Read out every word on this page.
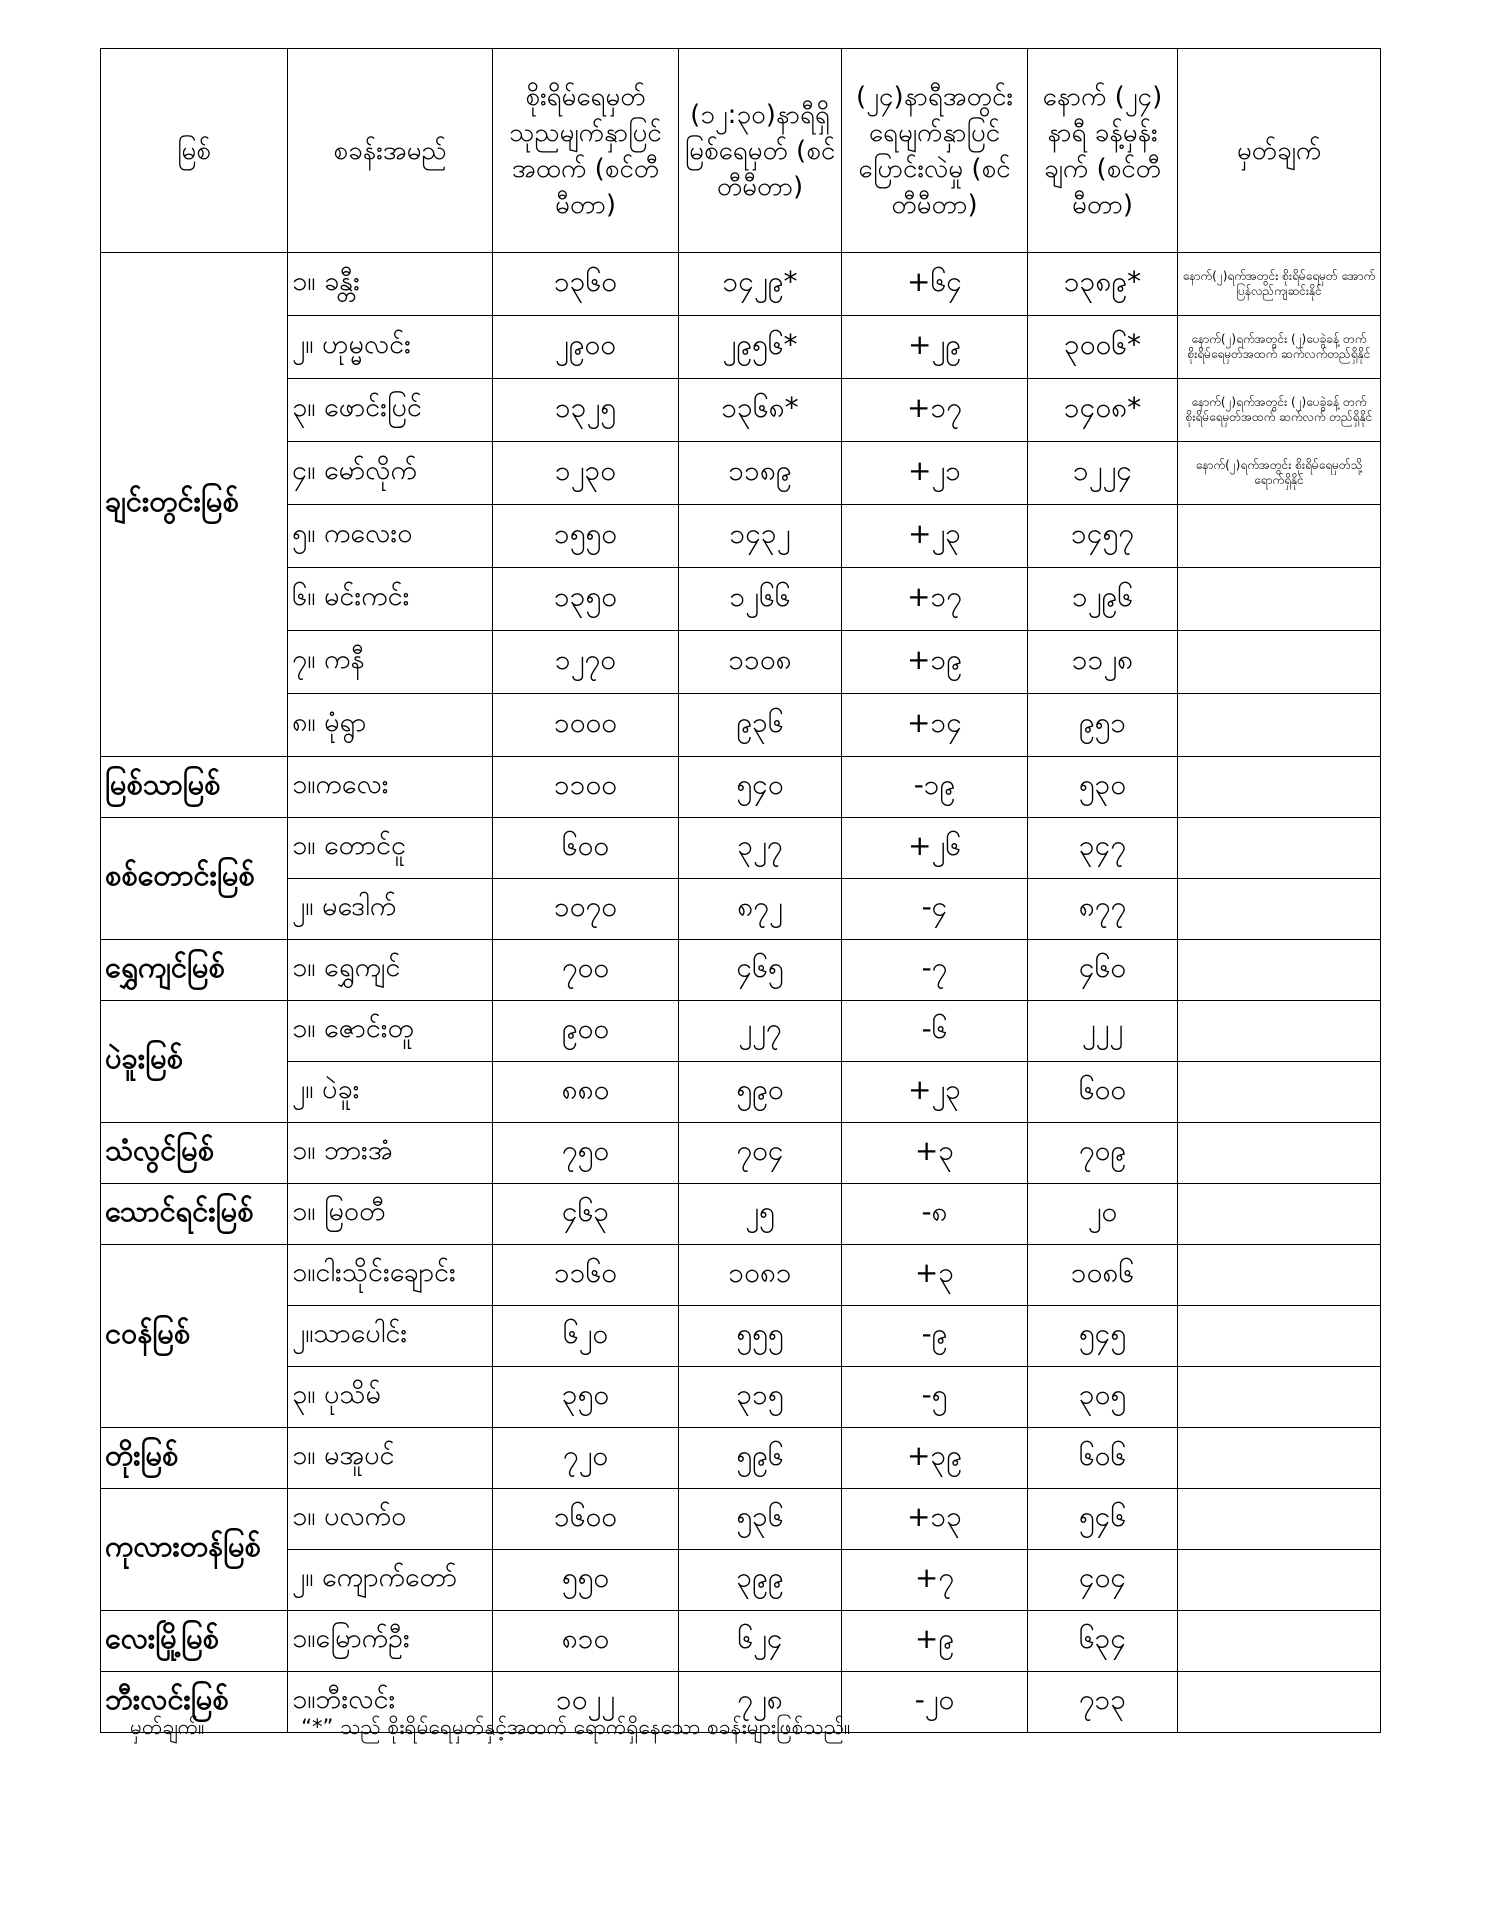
မြစ်	စခန်းအမည်	စိုးရိမ်ရေမှတ် သုညမျက်နှာပြင် အထက် (စင်တီမီတာ)	(၁၂:၃၀)နာရီရှိ မြစ်ရေမှတ် (စင်တီမီတာ)	(၂၄)နာရီအတွင်း ရေမျက်နှာပြင် ပြောင်းလဲမှု (စင်တီမီတာ)	နောက် (၂၄) နာရီ ခန့်မှန်းချက် (စင်တီမီတာ)	မှတ်ချက်
ချင်းတွင်းမြစ်	၁။ ခန္တီး	၁၃၆၀	၁၄၂၉*	+၆၄	၁၃၈၉*	နောက်(၂)ရက်အတွင်း စိုးရိမ်ရေမှတ် အောက် ပြန်လည်ကျဆင်းနိုင်
	၂။ ဟုမ္မလင်း	၂၉၀၀	၂၉၅၆*	+၂၉	၃၀၀၆*	နောက်(၂)ရက်အတွင်း (၂)ပေခွဲခန့် တက် စိုးရိမ်ရေမှတ်အထက် ဆက်လက်တည်ရှိနိုင်
	၃။ ဖောင်းပြင်	၁၃၂၅	၁၃၆၈*	+၁၇	၁၄၀၈*	နောက်(၂)ရက်အတွင်း (၂)ပေခွဲခန့် တက် စိုးရိမ်ရေမှတ်အထက် ဆက်လက် တည်ရှိနိုင်
	၄။ မော်လိုက်	၁၂၃၀	၁၁၈၉	+၂၁	၁၂၂၄	နောက်(၂)ရက်အတွင်း စိုးရိမ်ရေမှတ်သို့ ရောက်ရှိနိုင်
	၅။ ကလေးဝ	၁၅၅၀	၁၄၃၂	+၂၃	၁၄၅၇	
	၆။ မင်းကင်း	၁၃၅၀	၁၂၆၆	+၁၇	၁၂၉၆	
	၇။ ကနီ	၁၂၇၀	၁၁၀၈	+၁၉	၁၁၂၈	
	၈။ မုံရွာ	၁၀၀၀	၉၃၆	+၁၄	၉၅၁	
မြစ်သာမြစ်	၁။ကလေး	၁၁၀၀	၅၄၀	-၁၉	၅၃၀	
စစ်တောင်းမြစ်	၁။ တောင်ငူ	၆၀၀	၃၂၇	+၂၆	၃၄၇	
	၂။ မဒေါက်	၁၀၇၀	၈၇၂	-၄	၈၇၇	
ရွှေကျင်မြစ်	၁။ ရွှေကျင်	၇၀၀	၄၆၅	-၇	၄၆၀	
ပဲခူးမြစ်	၁။ ဇောင်းတူ	၉၀၀	၂၂၇	-၆	၂၂၂	
	၂။ ပဲခူး	၈၈၀	၅၉၀	+၂၃	၆၀၀	
သံလွင်မြစ်	၁။ ဘားအံ	၇၅၀	၇၀၄	+၃	၇၀၉	
သောင်ရင်းမြစ်	၁။ မြဝတီ	၄၆၃	၂၅	-၈	၂၀	
ငဝန်မြစ်	၁။ငါးသိုင်းချောင်း	၁၁၆၀	၁၀၈၁	+၃	၁၀၈၆	
	၂။သာပေါင်း	၆၂၀	၅၅၅	-၉	၅၄၅	
	၃။ ပုသိမ်	၃၅၀	၃၁၅	-၅	၃၀၅	
တိုးမြစ်	၁။ မအူပင်	၇၂၀	၅၉၆	+၃၉	၆၀၆	
ကုလားတန်မြစ်	၁။ ပလက်ဝ	၁၆၀၀	၅၃၆	+၁၃	၅၄၆	
	၂။ ကျောက်တော်	၅၅၀	၃၉၉	+၇	၄၀၄	
လေးမြို့မြစ်	၁။မြောက်ဦး	၈၁၀	၆၂၄	+၉	၆၃၄	
ဘီးလင်းမြစ်	၁။ဘီးလင်း	၁၀၂၂	၇၂၈	-၂၀	၇၁၃	
မှတ်ချက်။	“*” သည် စိုးရိမ်ရေမှတ်နှင့်အထက် ရောက်ရှိနေသော စခန်းများဖြစ်သည်။
